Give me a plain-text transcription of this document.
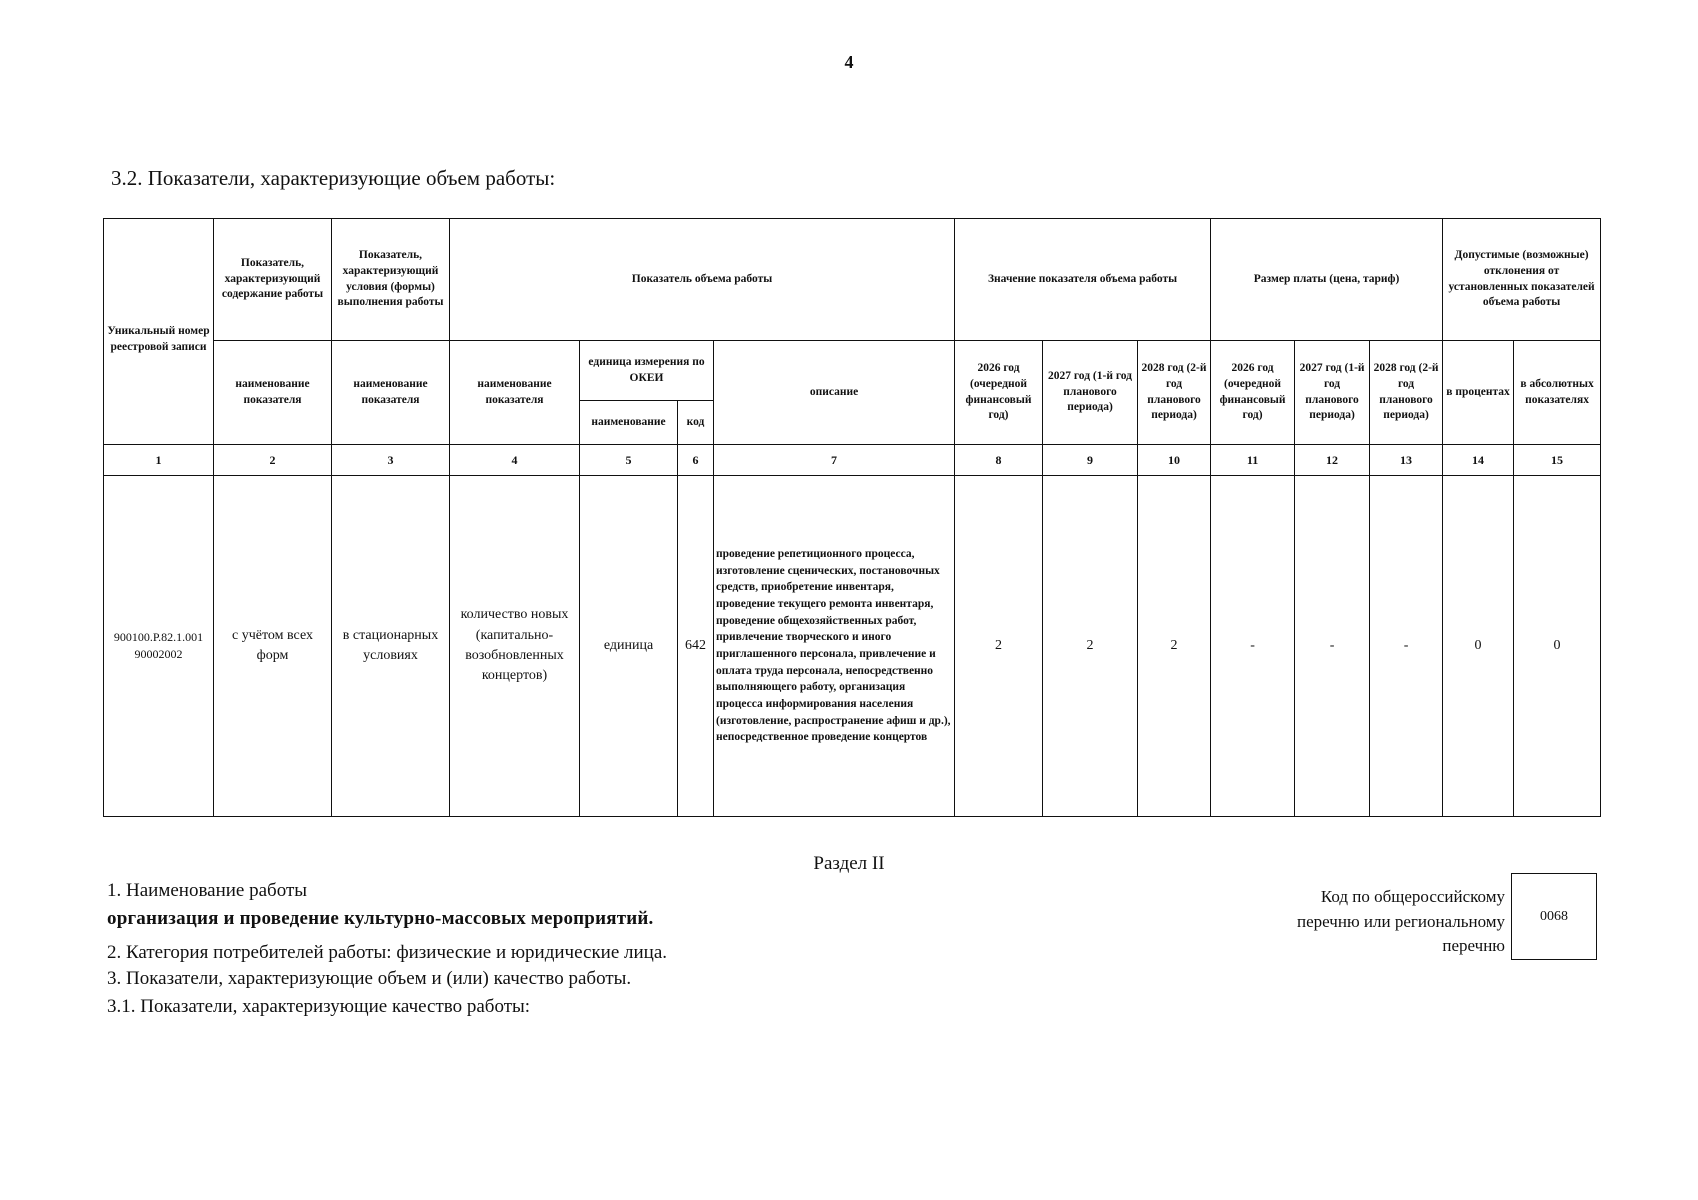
4
3.2. Показатели, характеризующие объем работы:
Уникальный номер реестровой записи	Показатель, характеризующий содержание работы	Показатель, характеризующий условия (формы) выполнения работы	Показатель объема работы				Значение показателя объема работы			Размер платы (цена, тариф)			Допустимые (возможные) отклонения от установленных показателей объема работы	
	наименование показателя	наименование показателя	наименование показателя	единица измерения по ОКЕИ		описание	2026 год (очередной финансовый год)	2027 год (1-й год планового периода)	2028 год (2-й год планового периода)	2026 год (очередной финансовый год)	2027 год (1-й год планового периода)	2028 год (2-й год планового периода)	в процентах	в абсолютных показателях
				наименование	код									
1	2	3	4	5	6	7	8	9	10	11	12	13	14	15
900100.Р.82.1.001 90002002	с учётом всех форм	в стационарных условиях	количество новых (капитально-возобновленных концертов)	единица	642	проведение репетиционного процесса, изготовление сценических, постановочных средств, приобретение инвентаря, проведение текущего ремонта инвентаря, проведение общехозяйственных работ, привлечение творческого и иного приглашенного персонала, привлечение и оплата труда персонала, непосредственно выполняющего работу, организация процесса информирования населения (изготовление, распространение афиш и др.), непосредственное проведение концертов	2	2	2	-	-	-	0	0
Раздел II
1. Наименование работы
организация и проведение культурно-массовых мероприятий.
2. Категория потребителей работы: физические и юридические лица.
3. Показатели, характеризующие объем и (или) качество работы.
3.1. Показатели, характеризующие качество работы:
Код по общероссийскому перечню или региональному перечню
0068
